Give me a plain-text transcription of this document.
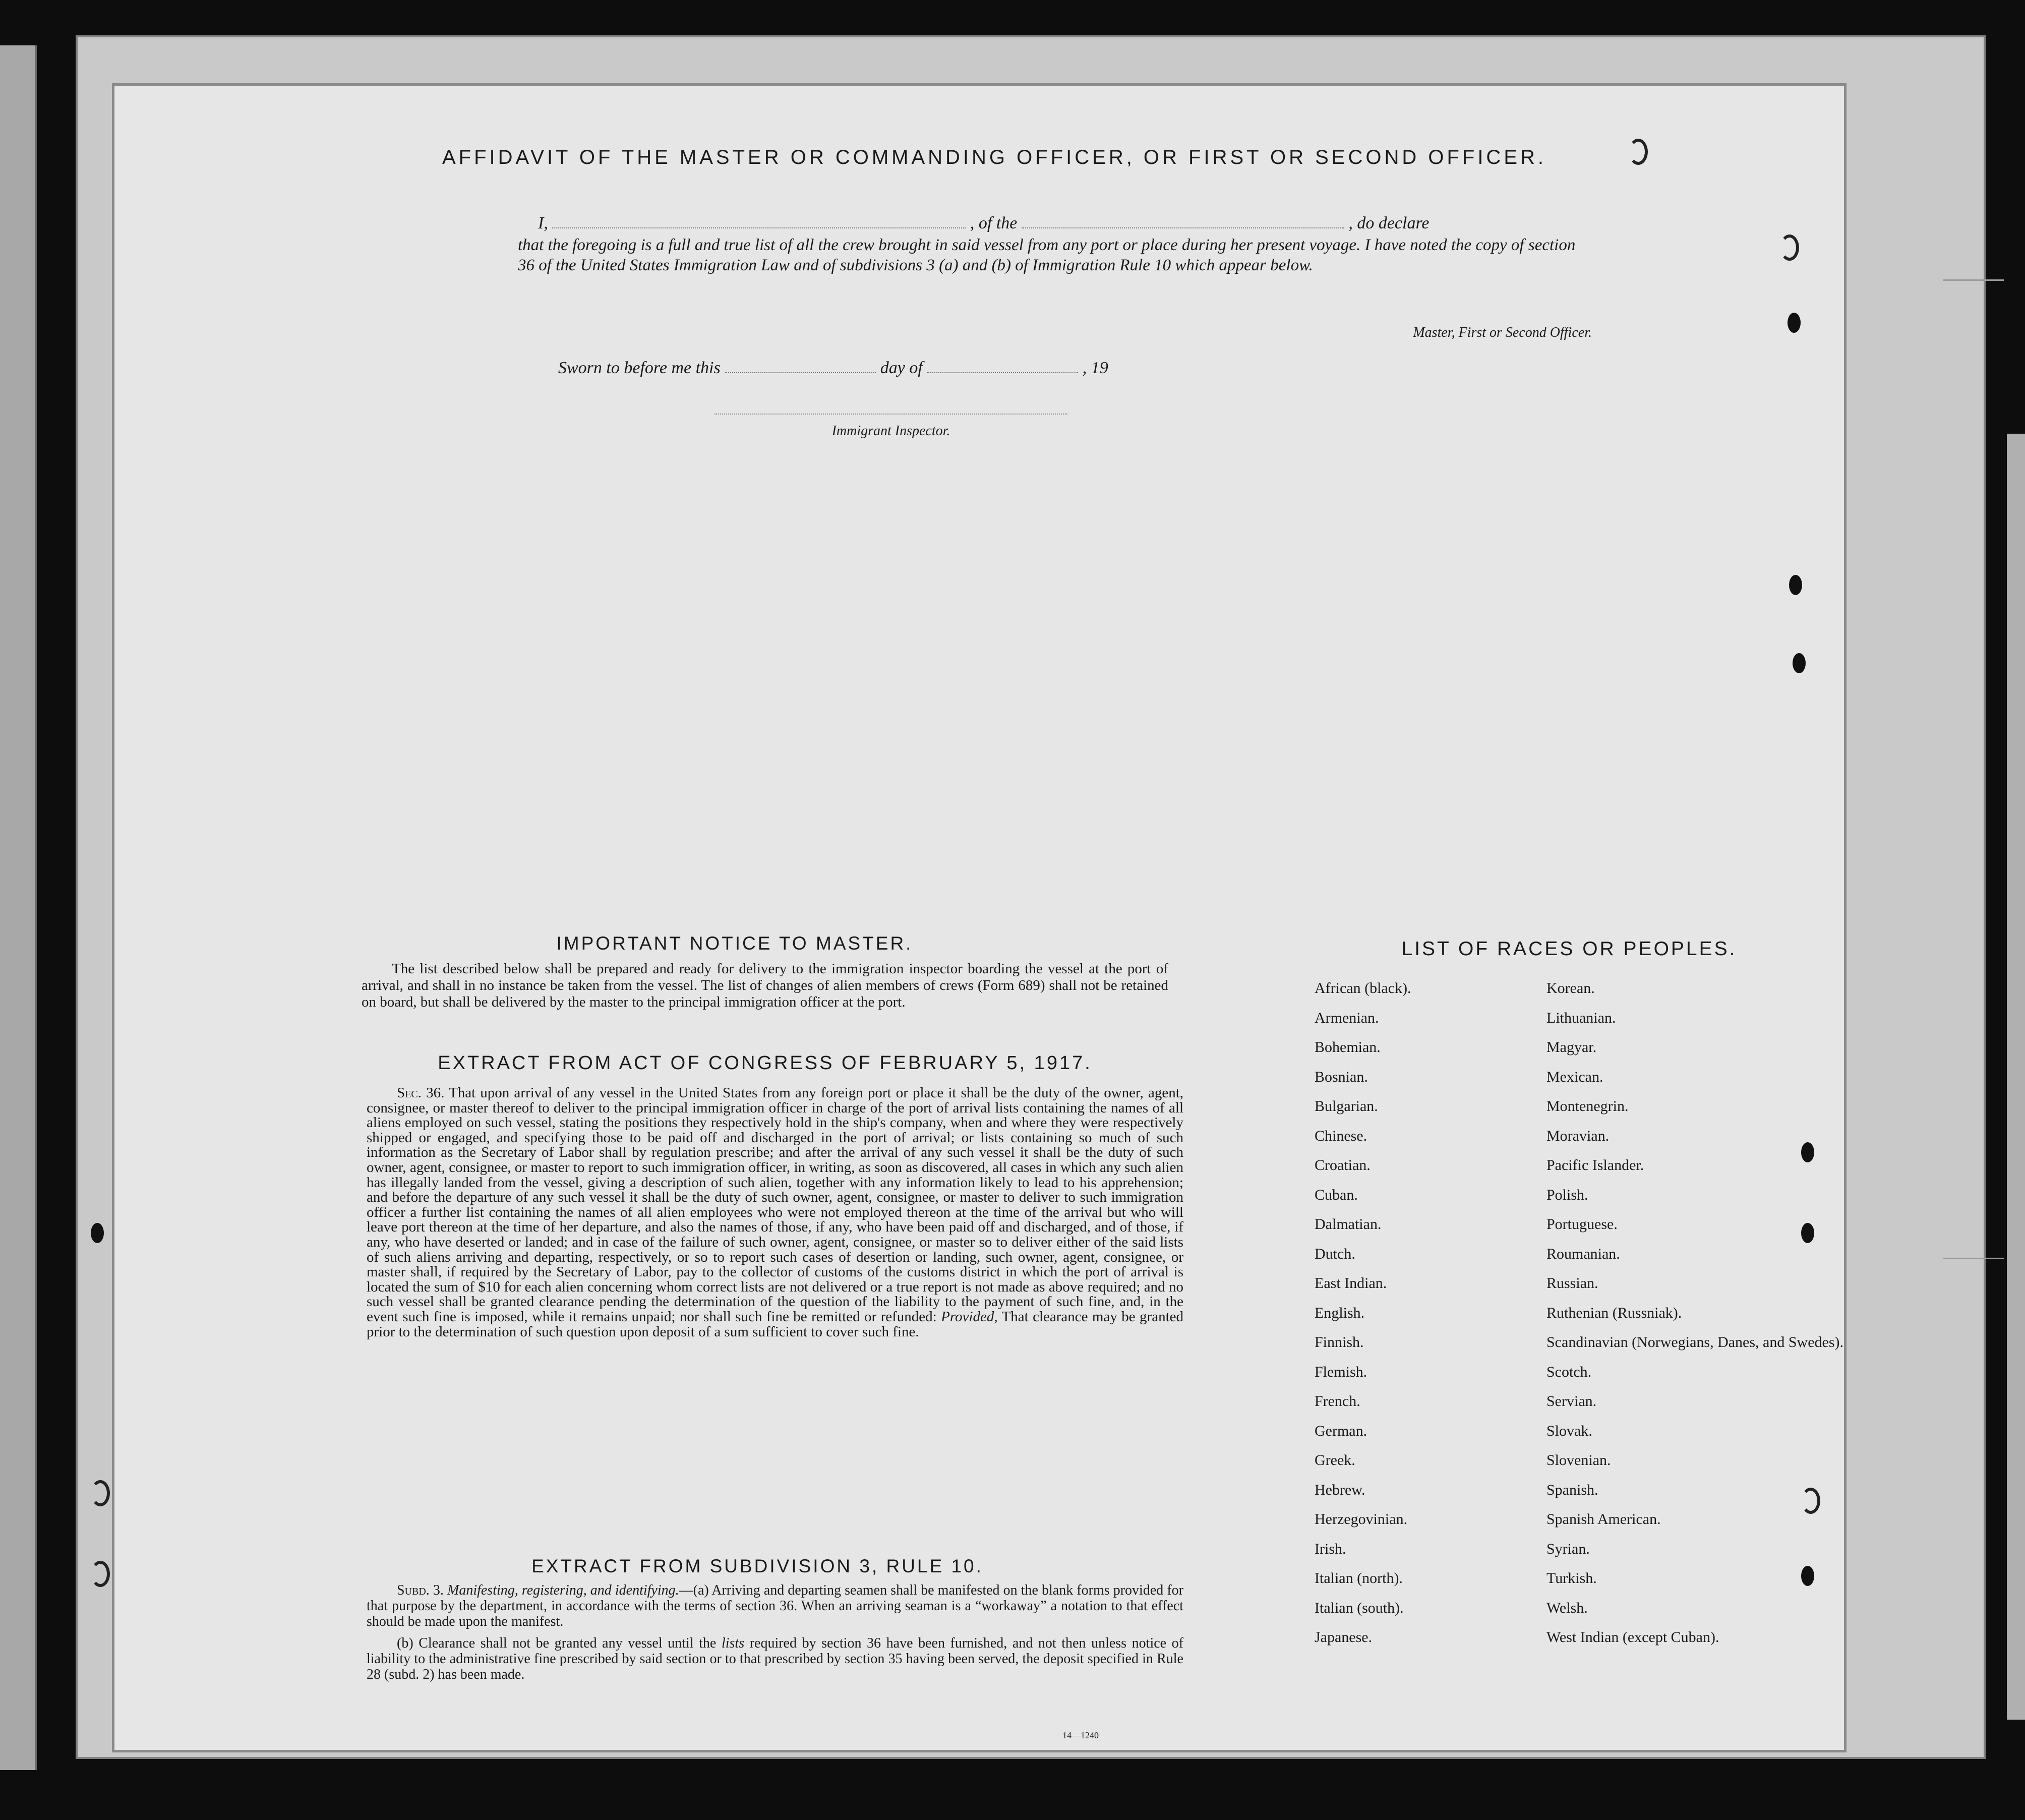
AFFIDAVIT OF THE MASTER OR COMMANDING OFFICER, OR FIRST OR SECOND OFFICER.
I,	, of the	, do declare
that the foregoing is a full and true list of all the crew brought in said vessel from any port or place during her present voyage. I have noted the copy of section 36 of the United States Immigration Law and of subdivisions 3 (a) and (b) of Immigration Rule 10 which appear below.
Master, First or Second Officer.
Sworn to before me this	day of	, 19
Immigrant Inspector.
IMPORTANT NOTICE TO MASTER.
The list described below shall be prepared and ready for delivery to the immigration inspector boarding the vessel at the port of arrival, and shall in no instance be taken from the vessel. The list of changes of alien members of crews (Form 689) shall not be retained on board, but shall be delivered by the master to the principal immigration officer at the port.
EXTRACT FROM ACT OF CONGRESS OF FEBRUARY 5, 1917.
Sec. 36. That upon arrival of any vessel in the United States from any foreign port or place it shall be the duty of the owner, agent, consignee, or master thereof to deliver to the principal immigration officer in charge of the port of arrival lists containing the names of all aliens employed on such vessel, stating the positions they respectively hold in the ship's company, when and where they were respectively shipped or engaged, and specifying those to be paid off and discharged in the port of arrival; or lists containing so much of such information as the Secretary of Labor shall by regulation prescribe; and after the arrival of any such vessel it shall be the duty of such owner, agent, consignee, or master to report to such immigration officer, in writing, as soon as discovered, all cases in which any such alien has illegally landed from the vessel, giving a description of such alien, together with any information likely to lead to his apprehension; and before the departure of any such vessel it shall be the duty of such owner, agent, consignee, or master to deliver to such immigration officer a further list containing the names of all alien employees who were not employed thereon at the time of the arrival but who will leave port thereon at the time of her departure, and also the names of those, if any, who have been paid off and discharged, and of those, if any, who have deserted or landed; and in case of the failure of such owner, agent, consignee, or master so to deliver either of the said lists of such aliens arriving and departing, respectively, or so to report such cases of desertion or landing, such owner, agent, consignee, or master shall, if required by the Secretary of Labor, pay to the collector of customs of the customs district in which the port of arrival is located the sum of $10 for each alien concerning whom correct lists are not delivered or a true report is not made as above required; and no such vessel shall be granted clearance pending the determination of the question of the liability to the payment of such fine, and, in the event such fine is imposed, while it remains unpaid; nor shall such fine be remitted or refunded: Provided, That clearance may be granted prior to the determination of such question upon deposit of a sum sufficient to cover such fine.
EXTRACT FROM SUBDIVISION 3, RULE 10.
Subd. 3. Manifesting, registering, and identifying.—(a) Arriving and departing seamen shall be manifested on the blank forms provided for that purpose by the department, in accordance with the terms of section 36. When an arriving seaman is a “workaway” a notation to that effect should be made upon the manifest.
(b) Clearance shall not be granted any vessel until the lists required by section 36 have been furnished, and not then unless notice of liability to the administrative fine prescribed by said section or to that prescribed by section 35 having been served, the deposit specified in Rule 28 (subd. 2) has been made.
14—1240
LIST OF RACES OR PEOPLES.
African (black).
Armenian.
Bohemian.
Bosnian.
Bulgarian.
Chinese.
Croatian.
Cuban.
Dalmatian.
Dutch.
East Indian.
English.
Finnish.
Flemish.
French.
German.
Greek.
Hebrew.
Herzegovinian.
Irish.
Italian (north).
Italian (south).
Japanese.
Korean.
Lithuanian.
Magyar.
Mexican.
Montenegrin.
Moravian.
Pacific Islander.
Polish.
Portuguese.
Roumanian.
Russian.
Ruthenian (Russniak).
Scandinavian (Norwegians, Danes, and Swedes).
Scotch.
Servian.
Slovak.
Slovenian.
Spanish.
Spanish American.
Syrian.
Turkish.
Welsh.
West Indian (except Cuban).
